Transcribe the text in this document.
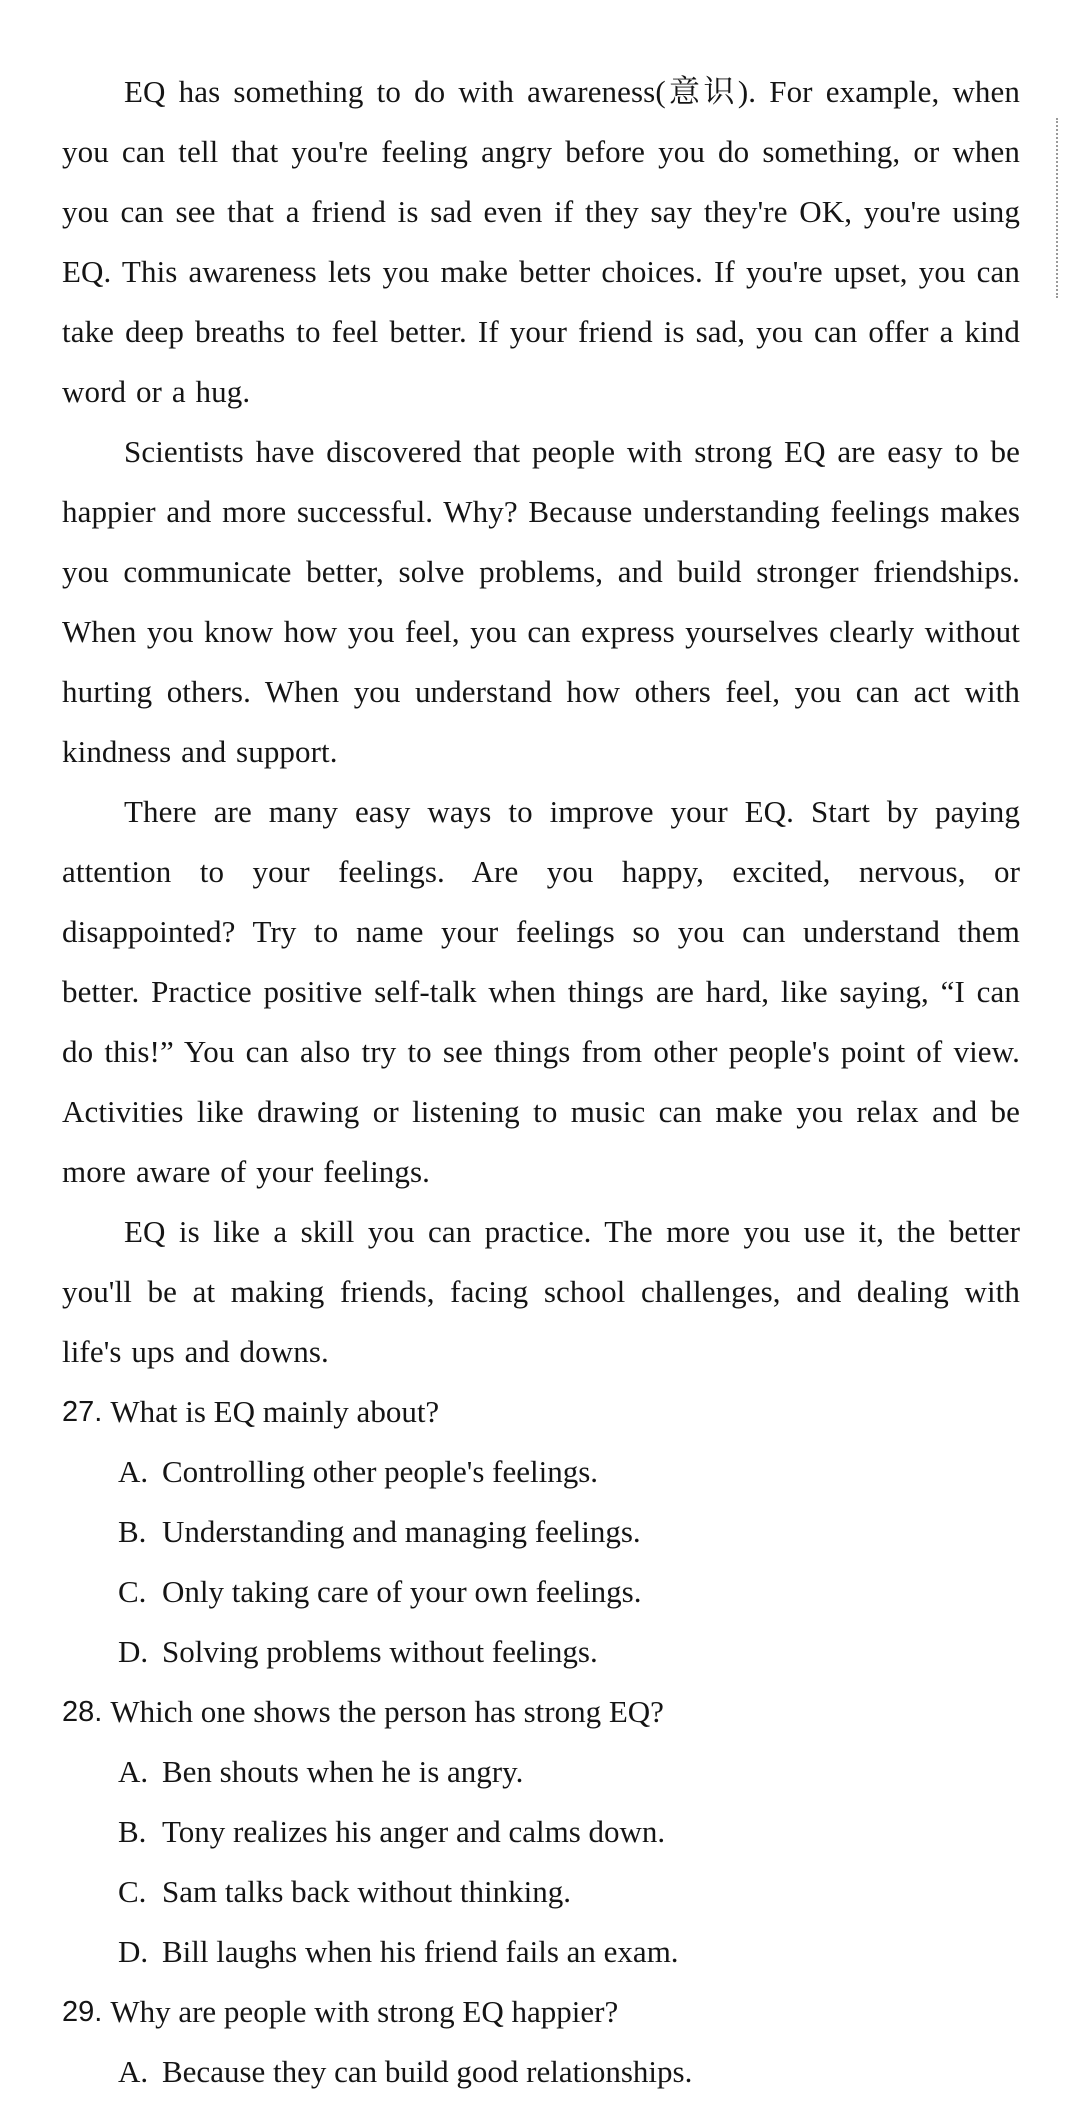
EQ has something to do with awareness(意识). For example, when you can tell that you're feeling angry before you do something, or when you can see that a friend is sad even if they say they're OK, you're using EQ. This awareness lets you make better choices. If you're upset, you can take deep breaths to feel better. If your friend is sad, you can offer a kind word or a hug.

Scientists have discovered that people with strong EQ are easy to be happier and more successful. Why? Because understanding feelings makes you communicate better, solve problems, and build stronger friendships. When you know how you feel, you can express yourselves clearly without hurting others. When you understand how others feel, you can act with kindness and support.

There are many easy ways to improve your EQ. Start by paying attention to your feelings. Are you happy, excited, nervous, or disappointed? Try to name your feelings so you can understand them better. Practice positive self-talk when things are hard, like saying, “I can do this!” You can also try to see things from other people's point of view. Activities like drawing or listening to music can make you relax and be more aware of your feelings.

EQ is like a skill you can practice. The more you use it, the better you'll be at making friends, facing school challenges, and dealing with life's ups and downs.

27. What is EQ mainly about?
A. Controlling other people's feelings.
B. Understanding and managing feelings.
C. Only taking care of your own feelings.
D. Solving problems without feelings.
28. Which one shows the person has strong EQ?
A. Ben shouts when he is angry.
B. Tony realizes his anger and calms down.
C. Sam talks back without thinking.
D. Bill laughs when his friend fails an exam.
29. Why are people with strong EQ happier?
A. Because they can build good relationships.
